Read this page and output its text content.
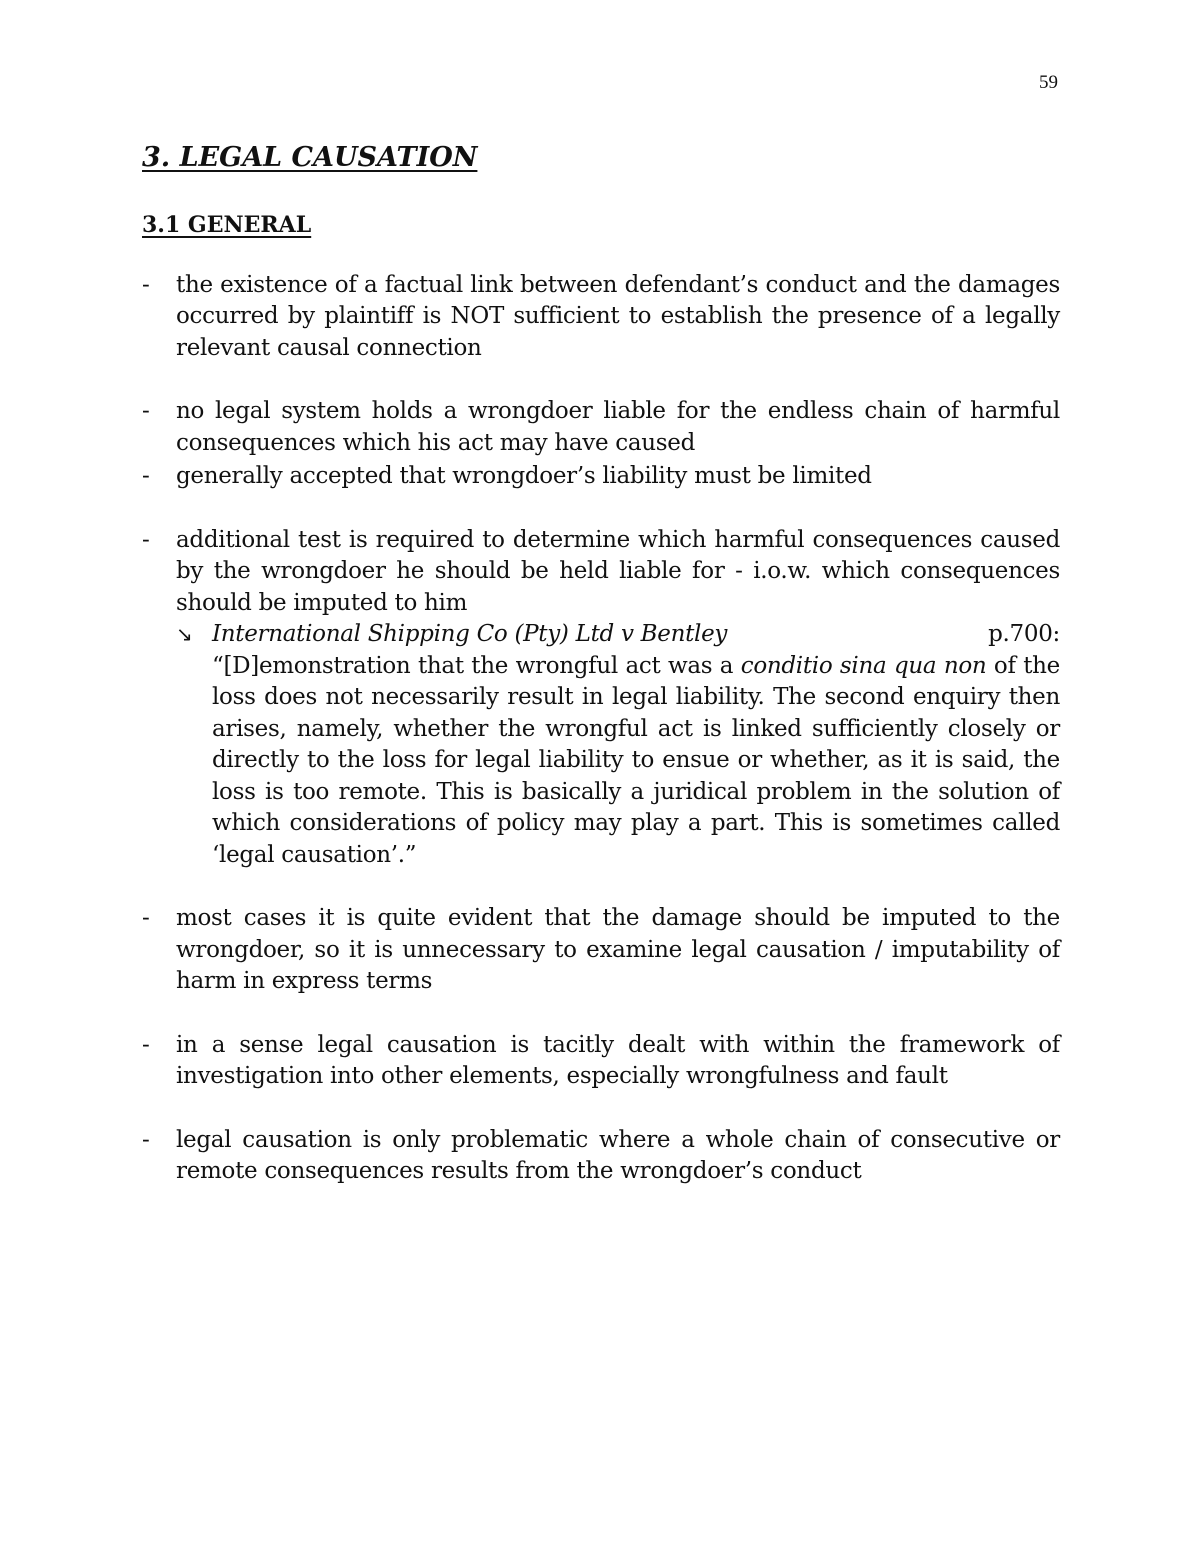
59
3. LEGAL CAUSATION
3.1 GENERAL
-	the existence of a factual link between defendant’s conduct and the damages occurred by plaintiff is NOT sufficient to establish the presence of a legally relevant causal connection
-	no legal system holds a wrongdoer liable for the endless chain of harmful consequences which his act may have caused
-	generally accepted that wrongdoer’s liability must be limited
-	additional test is required to determine which harmful consequences caused by the wrongdoer he should be held liable for - i.o.w. which consequences should be imputed to him
↘ International Shipping Co (Pty) Ltd v Bentley	p.700:
“[D]emonstration that the wrongful act was a conditio sina qua non of the loss does not necessarily result in legal liability. The second enquiry then arises, namely, whether the wrongful act is linked sufficiently closely or directly to the loss for legal liability to ensue or whether, as it is said, the loss is too remote. This is basically a juridical problem in the solution of which considerations of policy may play a part. This is sometimes called ‘legal causation’.”
-	most cases it is quite evident that the damage should be imputed to the wrongdoer, so it is unnecessary to examine legal causation / imputability of harm in express terms
-	in a sense legal causation is tacitly dealt with within the framework of investigation into other elements, especially wrongfulness and fault
-	legal causation is only problematic where a whole chain of consecutive or remote consequences results from the wrongdoer’s conduct
